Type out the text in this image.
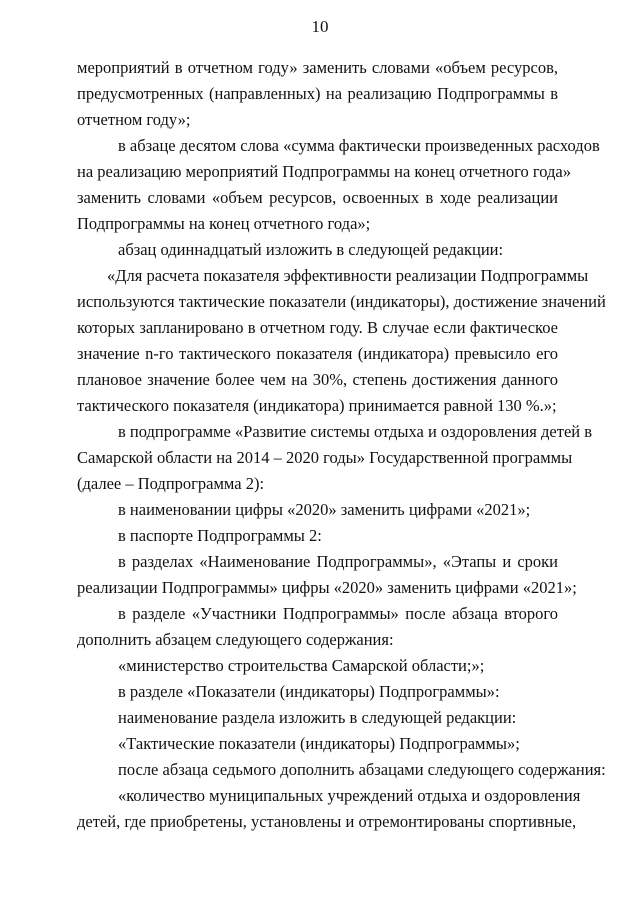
10
мероприятий в отчетном году» заменить словами «объем ресурсов,
предусмотренных (направленных) на реализацию Подпрограммы в
отчетном году»;
в абзаце десятом слова «сумма фактически произведенных расходов
на реализацию мероприятий Подпрограммы на конец отчетного года»
заменить словами «объем ресурсов, освоенных в ходе реализации
Подпрограммы на конец отчетного года»;
абзац одиннадцатый изложить в следующей редакции:
«Для расчета показателя эффективности реализации Подпрограммы
используются тактические показатели (индикаторы), достижение значений
которых запланировано в отчетном году. В случае если фактическое
значение n-го тактического показателя (индикатора) превысило его
плановое значение более чем на 30%, степень достижения данного
тактического показателя (индикатора) принимается равной 130 %.»;
в подпрограмме «Развитие системы отдыха и оздоровления детей в
Самарской области на 2014 – 2020 годы» Государственной программы
(далее – Подпрограмма 2):
в наименовании цифры «2020» заменить цифрами «2021»;
в паспорте Подпрограммы 2:
в разделах «Наименование Подпрограммы», «Этапы и сроки
реализации Подпрограммы» цифры «2020» заменить цифрами «2021»;
в разделе «Участники Подпрограммы» после абзаца второго
дополнить абзацем следующего содержания:
«министерство строительства Самарской области;»;
в разделе «Показатели (индикаторы) Подпрограммы»:
наименование раздела изложить в следующей редакции:
«Тактические показатели (индикаторы) Подпрограммы»;
после абзаца седьмого дополнить абзацами следующего содержания:
«количество муниципальных учреждений отдыха и оздоровления
детей, где приобретены, установлены и отремонтированы спортивные,
